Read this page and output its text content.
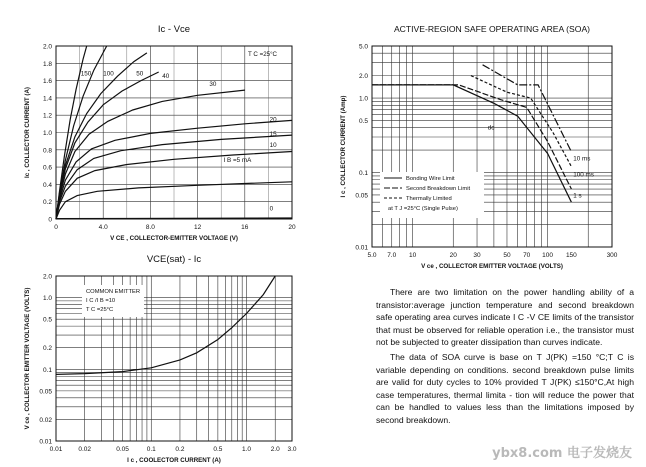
Ic - Vce
0	4.0	8.0	12	16	20
0
0.2
0.4
0.6
0.8
1.0
1.2
1.4
1.6
1.8
2.0
V CE , COLLECTOR-EMITTER VOLTAGE (V)
Ic , COLLECTOR CURRENT (A)
150 100	50	40
30
20
15
10
I B =5 mA
0
T C =25°C
ACTIVE-REGION SAFE OPERATING AREA (SOA)
5.0 7.0 10	20	30	50 70 100 150	300
0.01
0.05
0.1
0.5
1.0
2.0
5.0
V ce , COLLECTOR EMITTER VOLTAGE (VOLTS)
I c , COLLECTOR CURRENT (Amp)	dc
1 s
100 ms
10 ms
Bonding Wire Limit
Second Breakdown Limit
Thermally Limited
at T J =25°C (Single Pulse)
VCE(sat) - Ic
0.01 0.02	0.05	0.1	0.2	0.5	1.0	2.0 3.0
0.01
0.02
0.05
0.1
0.2
0.5
1.0
2.0
I c , COOLECTOR CURRENT (A)
V ce , COLLECTOR EMITTER VOLTAGE (VOLTS)	COMMON EMITTER
I C /I B =10
T C =25°C

There are two limitation on the power handling ability of a transistor:average junction temperature and second breakdown safe operating area curves indicate I C -V CE limits of the transistor that must be observed for reliable operation i.e., the transistor must not be subjected to greater dissipation than curves indicate.

The data of SOA curve is base on T J(PK) =150 °C;T C is variable depending on conditions. second breakdown pulse limits are valid for duty cycles to 10% provided T J(PK) ≤150°C,At high case temperatures, thermal limita - tion will reduce the power that can be handled to values less than the limitations imposed by second breakdown.

ybx8.com 电子发烧友
